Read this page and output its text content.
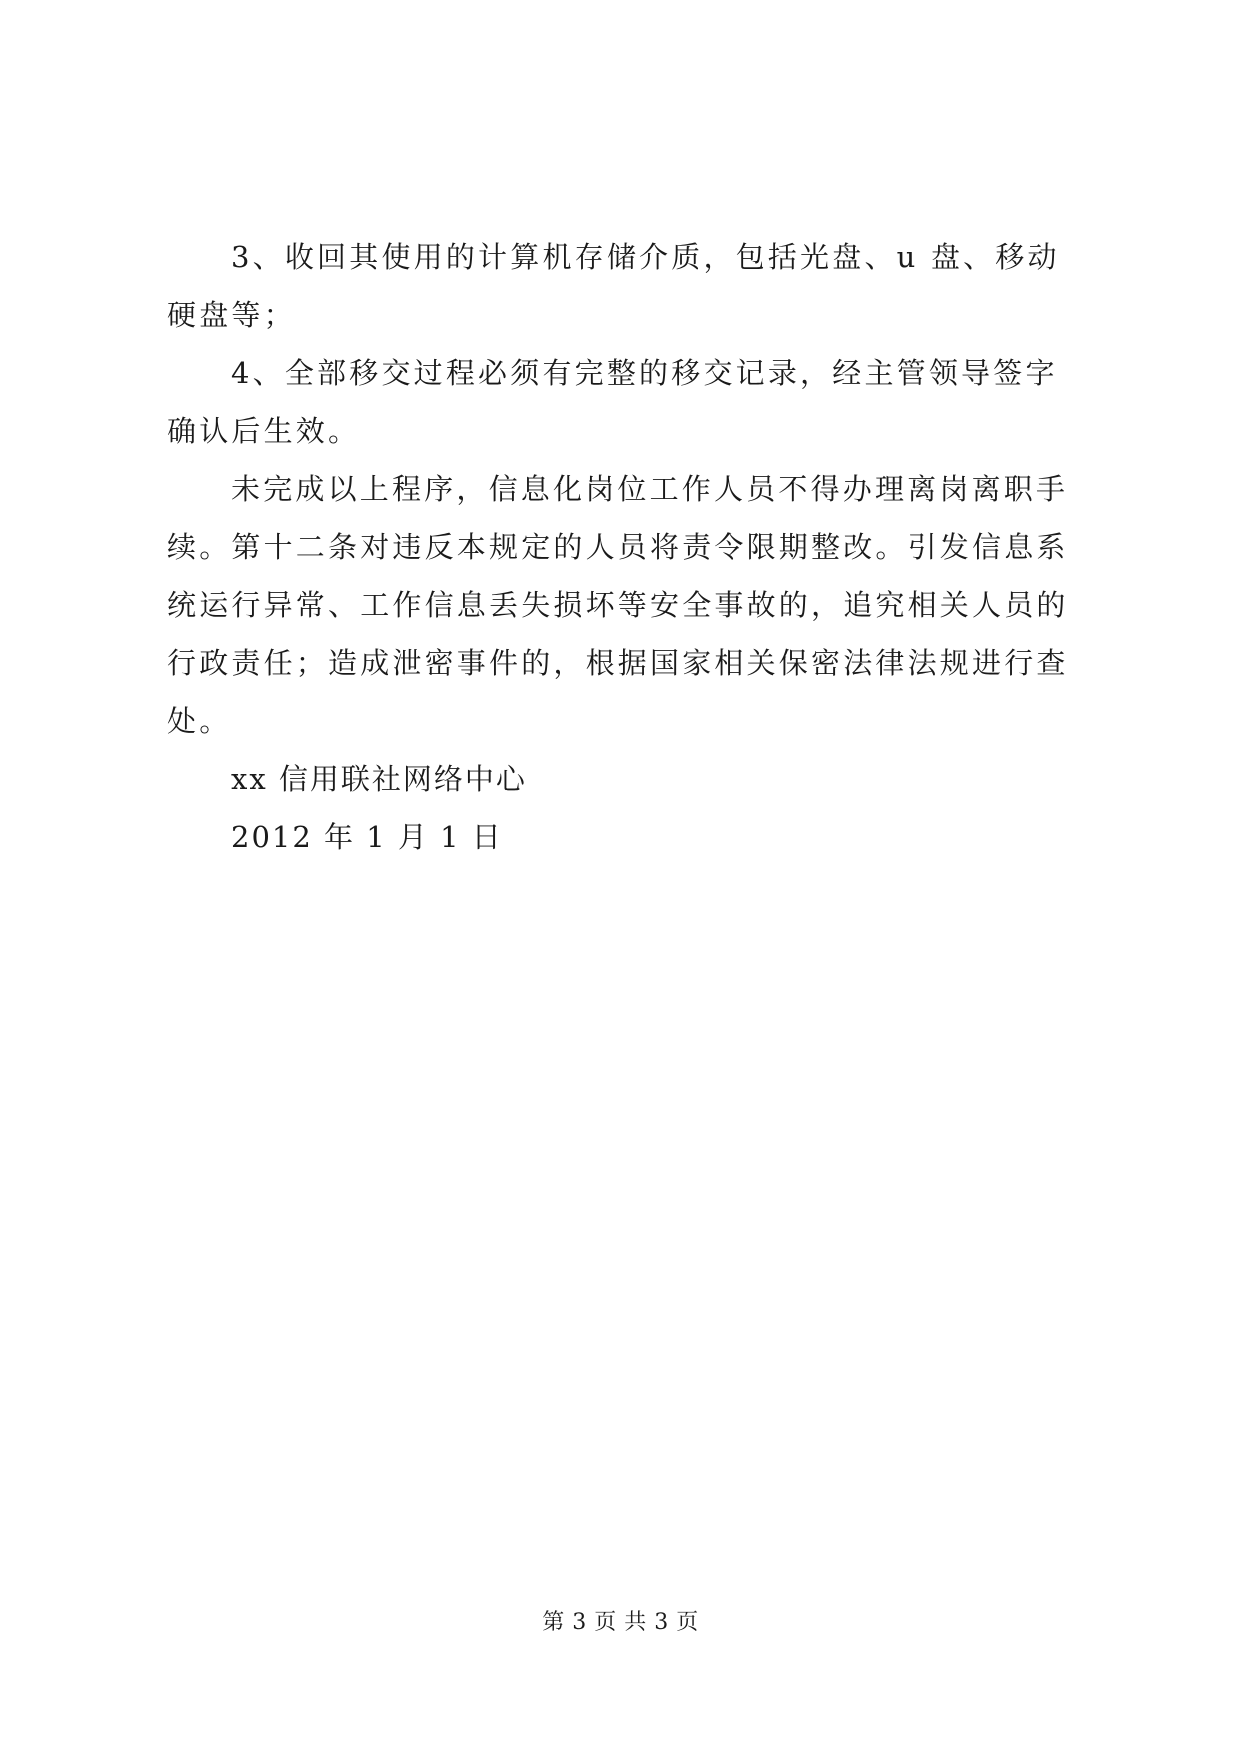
3、收回其使用的计算机存储介质，包括光盘、u 盘、移动
硬盘等；

4、全部移交过程必须有完整的移交记录，经主管领导签字
确认后生效。

未完成以上程序，信息化岗位工作人员不得办理离岗离职手
续。第十二条对违反本规定的人员将责令限期整改。引发信息系
统运行异常、工作信息丢失损坏等安全事故的，追究相关人员的
行政责任；造成泄密事件的，根据国家相关保密法律法规进行查
处。

xx 信用联社网络中心

2012 年 1 月 1 日

第 3 页 共 3 页
